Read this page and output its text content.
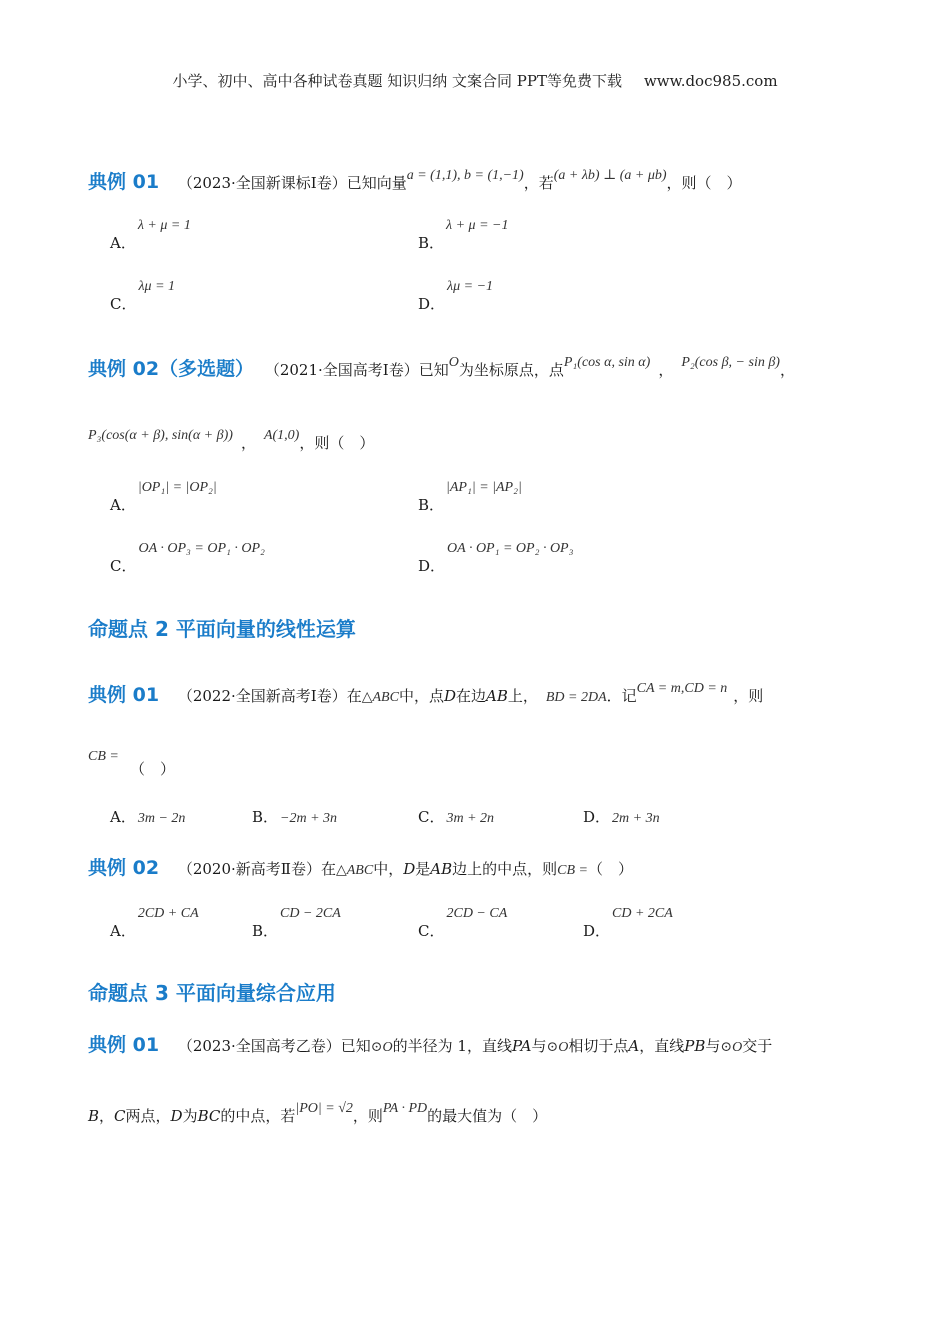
小学、初中、高中各种试卷真题 知识归纳 文案合同 PPT等免费下载 www.doc985.com
典例 01 （2023·全国新课标Ⅰ卷）已知向量a = (1,1), b = (1,−1)，若(a + λb) ⊥ (a + μb)，则（　）
A．λ + μ = 1
B．λ + μ = −1
C．λμ = 1
D．λμ = −1
典例 02（多选题） （2021·全国高考Ⅰ卷）已知O为坐标原点，点P₁(cos α, sin α) ， P₂(cos β, − sin β)，
P₃(cos(α + β), sin(α + β)) ， A(1,0)，则（　）
A．|OP₁| = |OP₂|
B．|AP₁| = |AP₂|
C．OA · OP₃ = OP₁ · OP₂
D．OA · OP₁ = OP₂ · OP₃
命题点 2 平面向量的线性运算
典例 01 （2022·全国新高考Ⅰ卷）在△ABC中，点D在边AB上， BD = 2DA．记CA = m,CD = n ，则
CB =
（　）
A． 3m − 2n	B． −2m + 3n	C． 3m + 2n	D． 2m + 3n
典例 02 （2020·新高考Ⅱ卷）在△ABC中，D是AB边上的中点，则CB =（　）
A．2CD + CA
B．CD − 2CA
C．2CD − CA
D．CD + 2CA
命题点 3 平面向量综合应用
典例 01 （2023·全国高考乙卷）已知⊙O的半径为 1，直线PA与⊙O相切于点A，直线PB与⊙O交于
B，C两点，D为BC的中点，若|PO| = √2，则PA · PD的最大值为（　）
